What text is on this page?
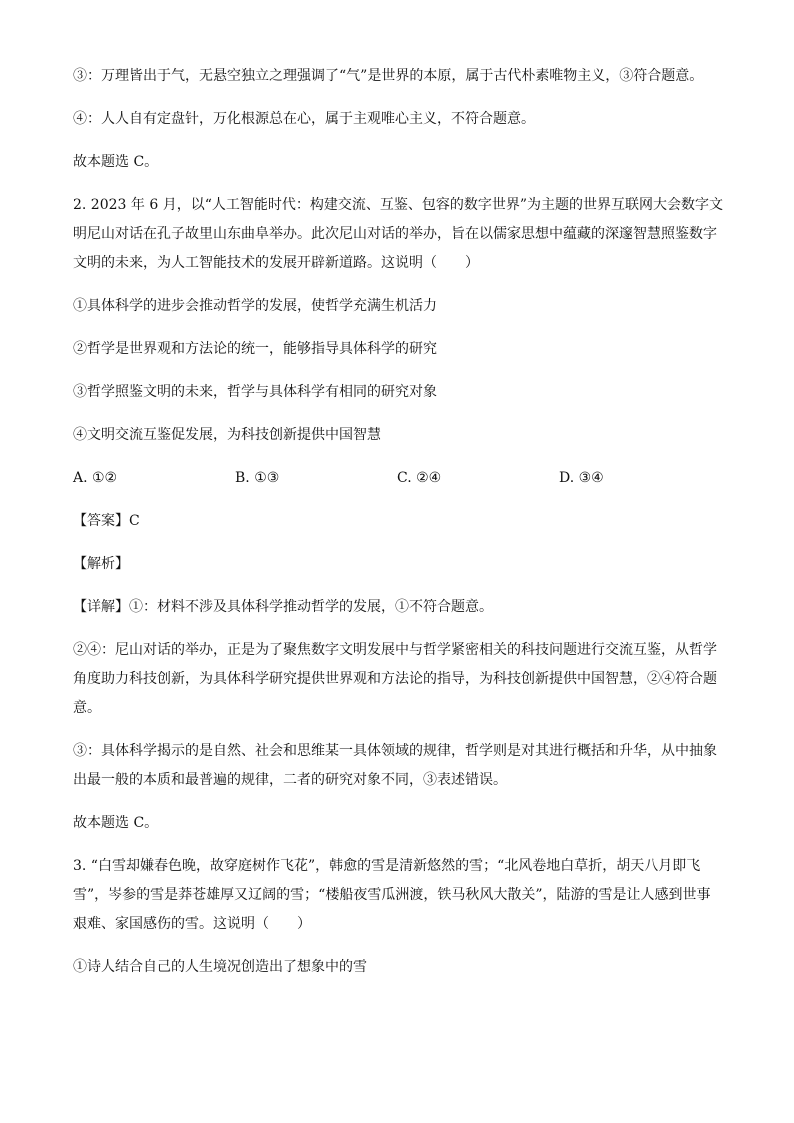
③：万理皆出于气，无悬空独立之理强调了“气”是世界的本原，属于古代朴素唯物主义，③符合题意。

④：人人自有定盘针，万化根源总在心，属于主观唯心主义，不符合题意。

故本题选 C。

2. 2023 年 6 月，以“人工智能时代：构建交流、互鉴、包容的数字世界”为主题的世界互联网大会数字文

明尼山对话在孔子故里山东曲阜举办。此次尼山对话的举办，旨在以儒家思想中蕴藏的深邃智慧照鉴数字

文明的未来，为人工智能技术的发展开辟新道路。这说明（　　）

①具体科学的进步会推动哲学的发展，使哲学充满生机活力

②哲学是世界观和方法论的统一，能够指导具体科学的研究

③哲学照鉴文明的未来，哲学与具体科学有相同的研究对象

④文明交流互鉴促发展，为科技创新提供中国智慧

A. ①②	B. ①③	C. ②④	D. ③④

【答案】C

【解析】

【详解】①：材料不涉及具体科学推动哲学的发展，①不符合题意。

②④：尼山对话的举办，正是为了聚焦数字文明发展中与哲学紧密相关的科技问题进行交流互鉴，从哲学

角度助力科技创新，为具体科学研究提供世界观和方法论的指导，为科技创新提供中国智慧，②④符合题

意。

③：具体科学揭示的是自然、社会和思维某一具体领域的规律，哲学则是对其进行概括和升华，从中抽象

出最一般的本质和最普遍的规律，二者的研究对象不同，③表述错误。

故本题选 C。

3. “白雪却嫌春色晚，故穿庭树作飞花”，韩愈的雪是清新悠然的雪；“北风卷地白草折，胡天八月即飞

雪”，岑参的雪是莽苍雄厚又辽阔的雪；“楼船夜雪瓜洲渡，铁马秋风大散关”，陆游的雪是让人感到世事

艰难、家国感伤的雪。这说明（　　）

①诗人结合自己的人生境况创造出了想象中的雪
